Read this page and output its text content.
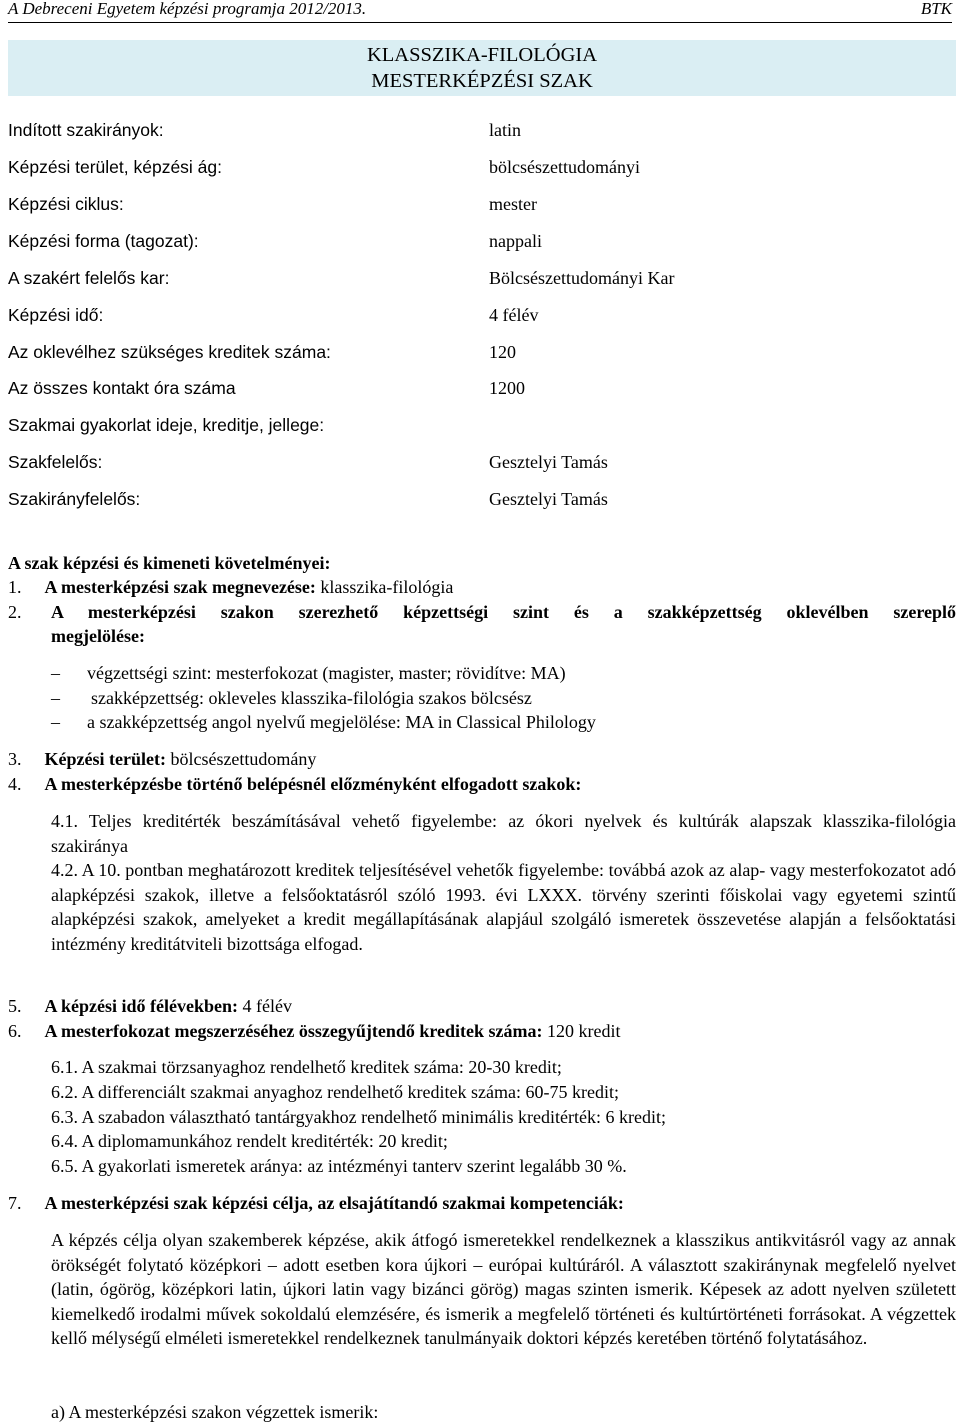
A Debreceni Egyetem képzési programja 2012/2013.	BTK
KLASSZIKA-FILOLÓGIA
MESTERKÉPZÉSI SZAK
Indított szakirányok:	latin
Képzési terület, képzési ág:	bölcsészettudományi
Képzési ciklus:	mester
Képzési forma (tagozat):	nappali
A szakért felelős kar:	Bölcsészettudományi Kar
Képzési idő:	4 félév
Az oklevélhez szükséges kreditek száma:	120
Az összes kontakt óra száma	1200
Szakmai gyakorlat ideje, kreditje, jellege:
Szakfelelős:	Gesztelyi Tamás
Szakirányfelelős:	Gesztelyi Tamás
A szak képzési és kimeneti követelményei:
1. A mesterképzési szak megnevezése: klasszika-filológia
2. A mesterképzési szakon szerezhető képzettségi szint és a szakképzettség oklevélben szereplő
megjelölése:
– végzettségi szint: mesterfokozat (magister, master; rövidítve: MA)
– szakképzettség: okleveles klasszika-filológia szakos bölcsész
– a szakképzettség angol nyelvű megjelölése: MA in Classical Philology
3. Képzési terület: bölcsészettudomány
4. A mesterképzésbe történő belépésnél előzményként elfogadott szakok:
4.1. Teljes kreditérték beszámításával vehető figyelembe: az ókori nyelvek és kultúrák alapszak klasszika-filológia szakiránya
4.2. A 10. pontban meghatározott kreditek teljesítésével vehetők figyelembe: továbbá azok az alap- vagy mesterfokozatot adó alapképzési szakok, illetve a felsőoktatásról szóló 1993. évi LXXX. törvény szerinti főiskolai vagy egyetemi szintű alapképzési szakok, amelyeket a kredit megállapításának alapjául szolgáló ismeretek összevetése alapján a felsőoktatási intézmény kreditátviteli bizottsága elfogad.
5. A képzési idő félévekben: 4 félév
6. A mesterfokozat megszerzéséhez összegyűjtendő kreditek száma: 120 kredit
6.1. A szakmai törzsanyaghoz rendelhető kreditek száma: 20-30 kredit;
6.2. A differenciált szakmai anyaghoz rendelhető kreditek száma: 60-75 kredit;
6.3. A szabadon választható tantárgyakhoz rendelhető minimális kreditérték: 6 kredit;
6.4. A diplomamunkához rendelt kreditérték: 20 kredit;
6.5. A gyakorlati ismeretek aránya: az intézményi tanterv szerint legalább 30 %.
7. A mesterképzési szak képzési célja, az elsajátítandó szakmai kompetenciák:
A képzés célja olyan szakemberek képzése, akik átfogó ismeretekkel rendelkeznek a klasszikus antikvitásról vagy az annak örökségét folytató középkori – adott esetben kora újkori – európai kultúráról. A választott szakiránynak megfelelő nyelvet (latin, ógörög, középkori latin, újkori latin vagy bizánci görög) magas szinten ismerik. Képesek az adott nyelven született kiemelkedő irodalmi művek sokoldalú elemzésére, és ismerik a megfelelő történeti és kultúrtörténeti forrásokat. A végzettek kellő mélységű elméleti ismeretekkel rendelkeznek tanulmányaik doktori képzés keretében történő folytatásához.
a) A mesterképzési szakon végzettek ismerik:
